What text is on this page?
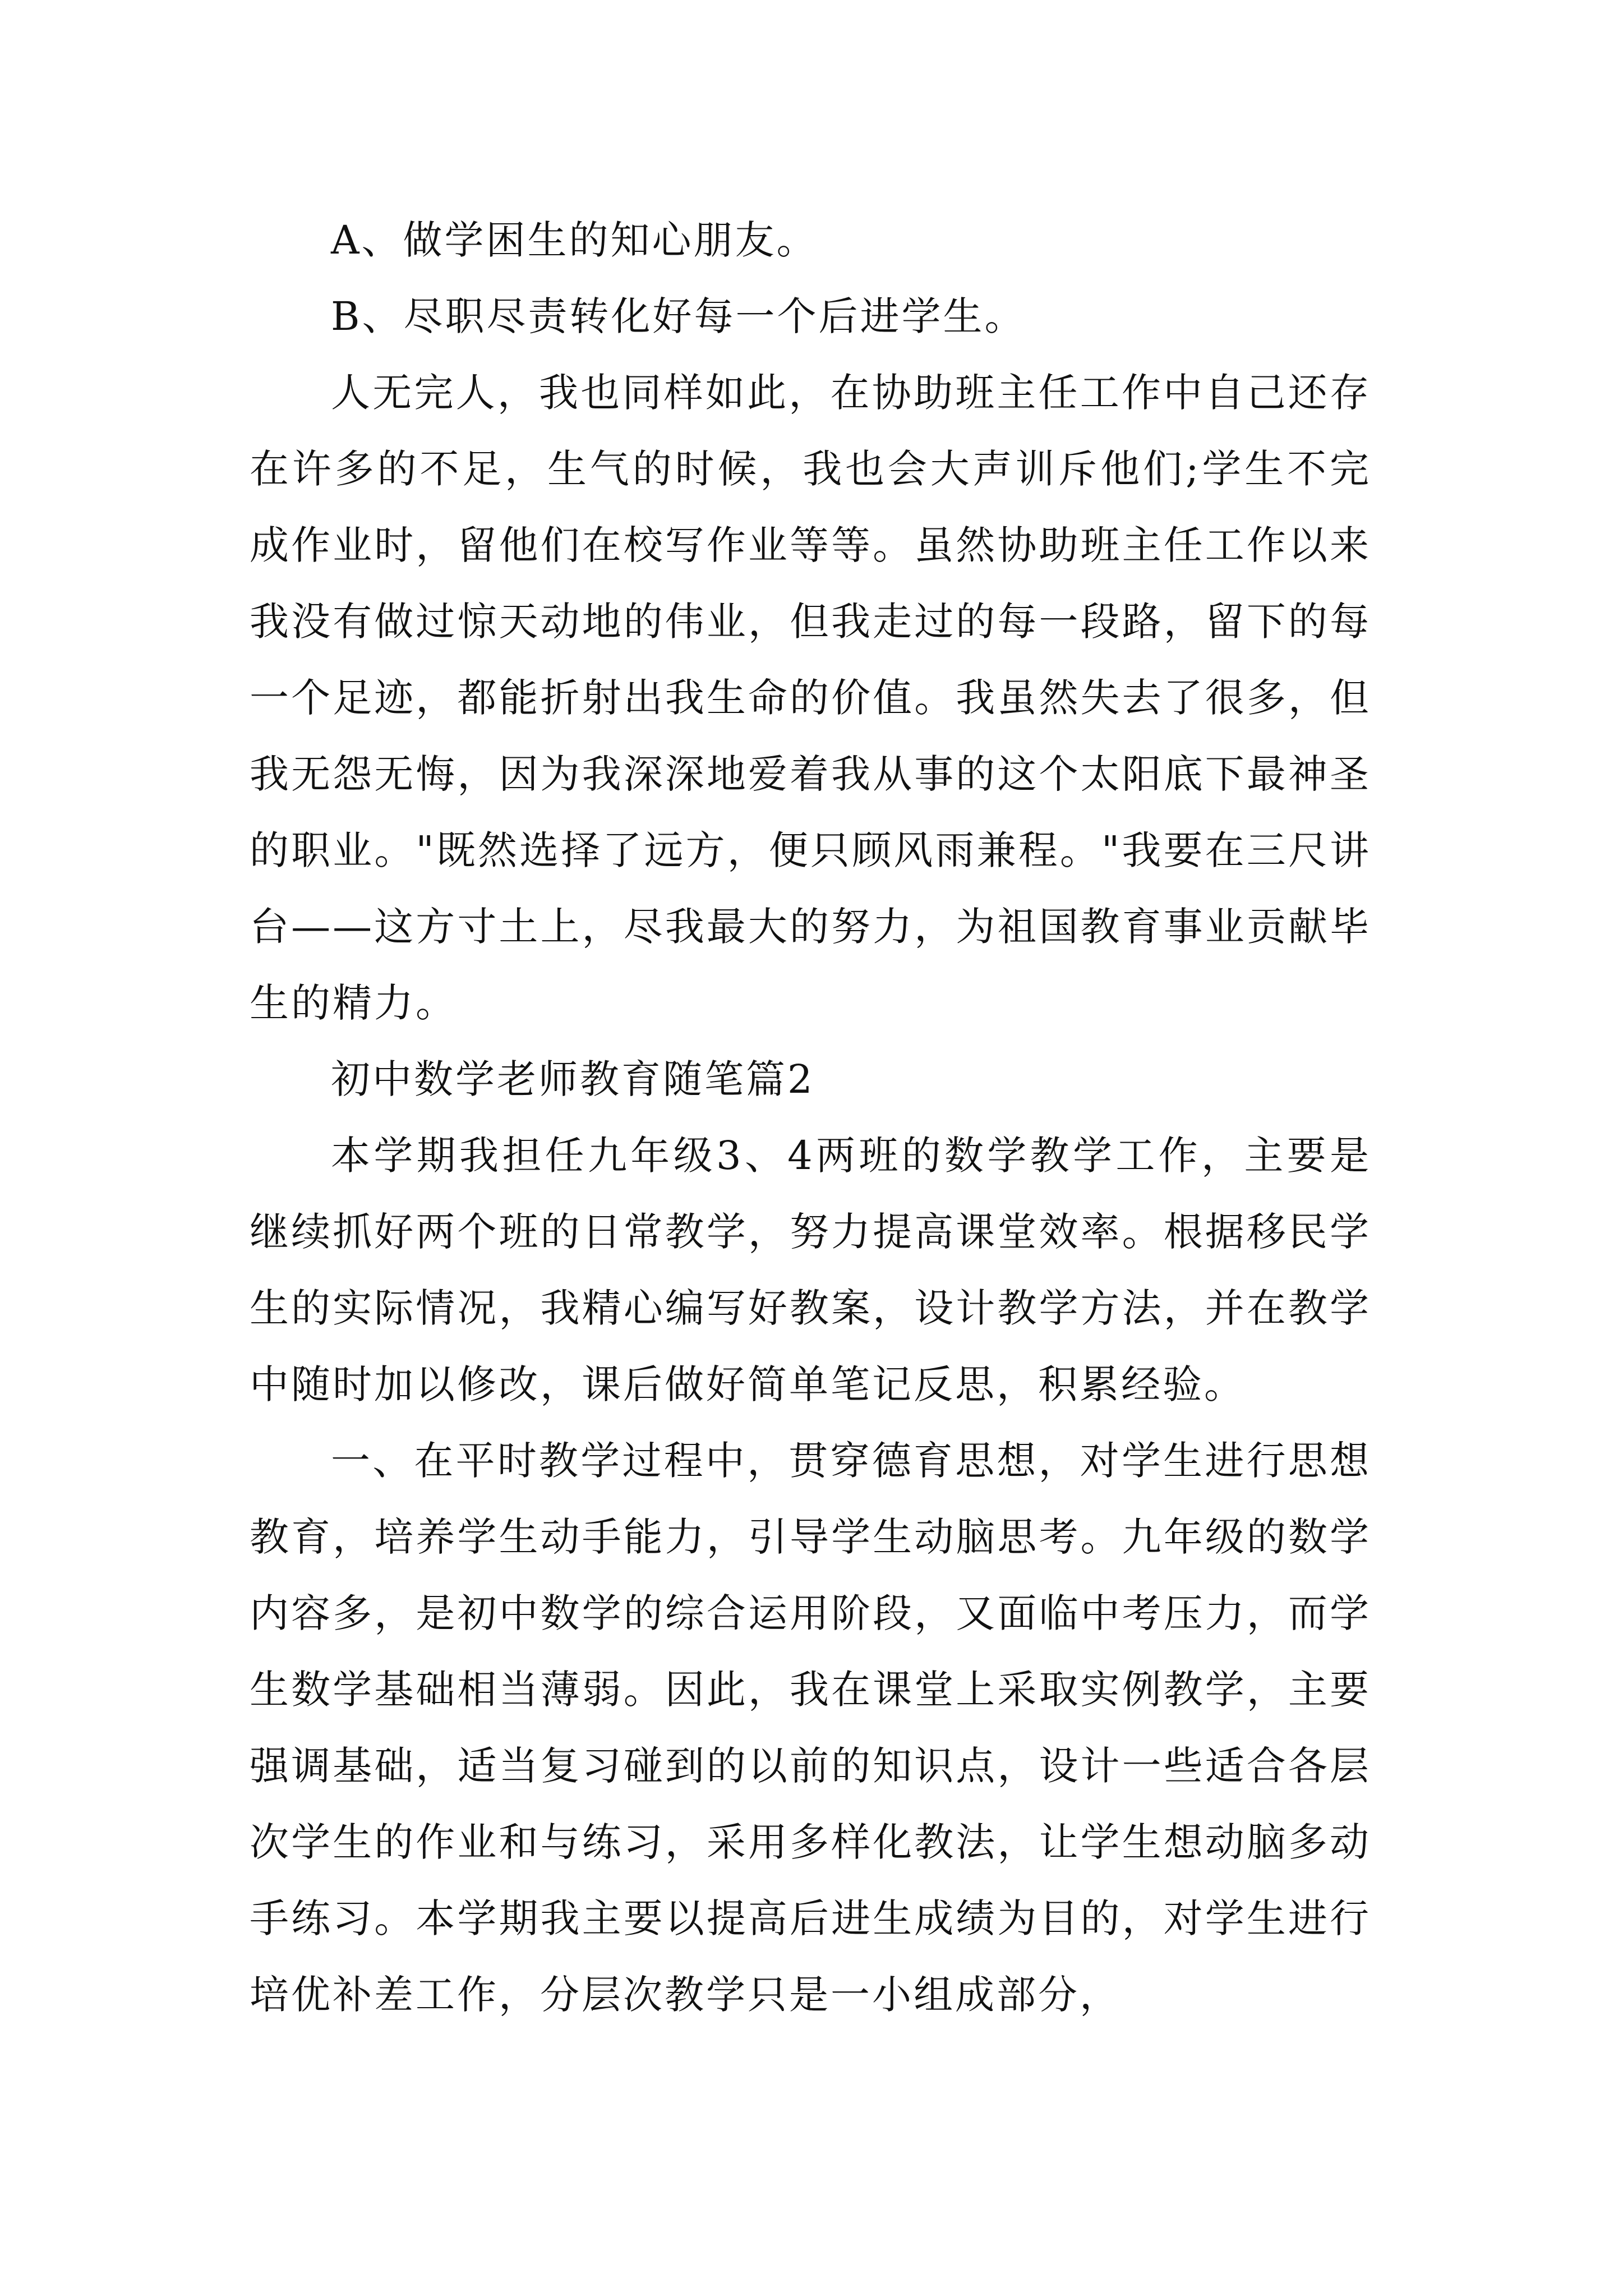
A、做学困生的知心朋友。

B、尽职尽责转化好每一个后进学生。

人无完人，我也同样如此，在协助班主任工作中自己还存在许多的不足，生气的时候，我也会大声训斥他们;学生不完成作业时，留他们在校写作业等等。虽然协助班主任工作以来我没有做过惊天动地的伟业，但我走过的每一段路，留下的每一个足迹，都能折射出我生命的价值。我虽然失去了很多，但我无怨无悔，因为我深深地爱着我从事的这个太阳底下最神圣的职业。"既然选择了远方，便只顾风雨兼程。"我要在三尺讲台——这方寸土上，尽我最大的努力，为祖国教育事业贡献毕生的精力。

初中数学老师教育随笔篇2

本学期我担任九年级3、4两班的数学教学工作，主要是继续抓好两个班的日常教学，努力提高课堂效率。根据移民学生的实际情况，我精心编写好教案，设计教学方法，并在教学中随时加以修改，课后做好简单笔记反思，积累经验。

一、在平时教学过程中，贯穿德育思想，对学生进行思想教育，培养学生动手能力，引导学生动脑思考。九年级的数学内容多，是初中数学的综合运用阶段，又面临中考压力，而学生数学基础相当薄弱。因此，我在课堂上采取实例教学，主要强调基础，适当复习碰到的以前的知识点，设计一些适合各层次学生的作业和与练习，采用多样化教法，让学生想动脑多动手练习。本学期我主要以提高后进生成绩为目的，对学生进行培优补差工作，分层次教学只是一小组成部分，
